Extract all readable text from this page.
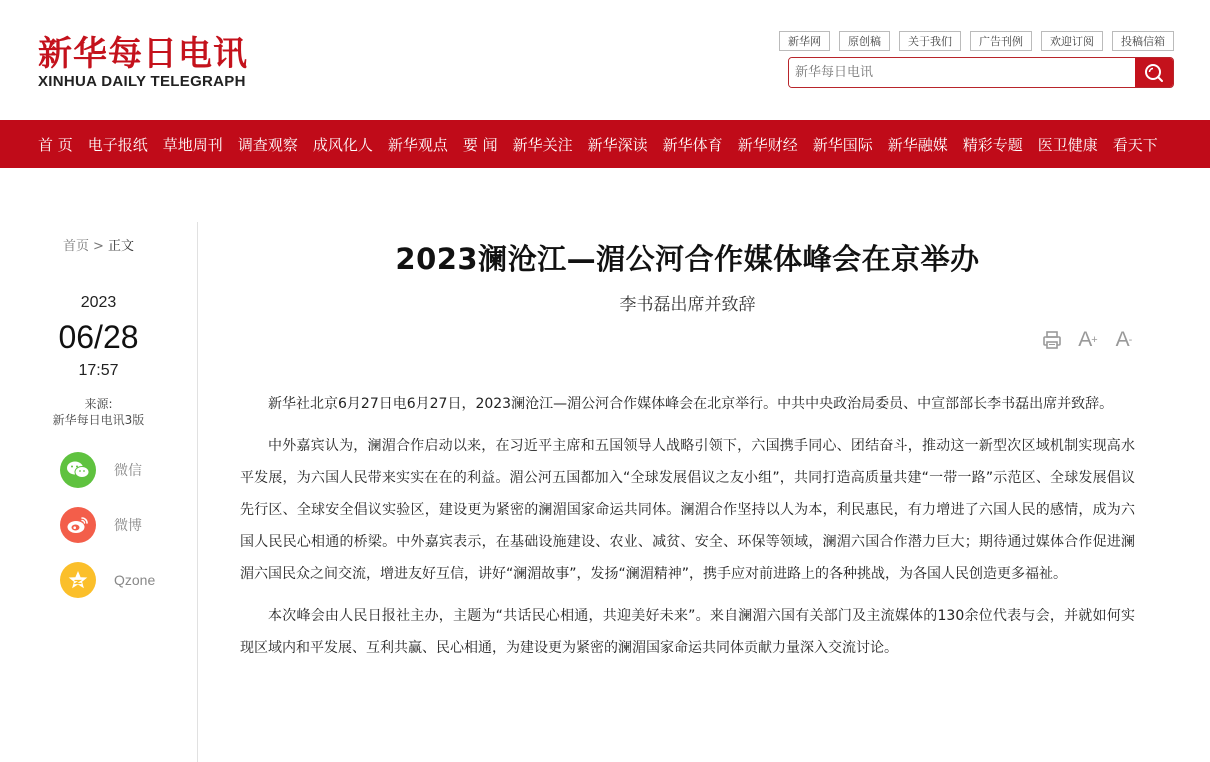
新华每日电讯
XINHUA DAILY TELEGRAPH
新华网	原创稿	关于我们	广告刊例	欢迎订阅	投稿信箱
新华每日电讯
首 页 电子报纸 草地周刊 调查观察 成风化人 新华观点 要 闻 新华关注 新华深读 新华体育 新华财经 新华国际 新华融媒 精彩专题 医卫健康 看天下
首页 > 正文
2023
06/28
17:57
来源:
新华每日电讯3版
微信
微博
Qzone
2023澜沧江—湄公河合作媒体峰会在京举办
李书磊出席并致辞
A + A -

新华社北京6月27日电6月27日，2023澜沧江—湄公河合作媒体峰会在北京举行。中共中央政治局委员、中宣部部长李书磊出席并致辞。

中外嘉宾认为，澜湄合作启动以来，在习近平主席和五国领导人战略引领下，六国携手同心、团结奋斗，推动这一新型次区域机制实现高水平发展，为六国人民带来实实在在的利益。湄公河五国都加入“全球发展倡议之友小组”，共同打造高质量共建“一带一路”示范区、全球发展倡议先行区、全球安全倡议实验区，建设更为紧密的澜湄国家命运共同体。澜湄合作坚持以人为本，利民惠民，有力增进了六国人民的感情，成为六国人民民心相通的桥梁。中外嘉宾表示，在基础设施建设、农业、减贫、安全、环保等领域，澜湄六国合作潜力巨大；期待通过媒体合作促进澜湄六国民众之间交流，增进友好互信，讲好“澜湄故事”，发扬“澜湄精神”，携手应对前进路上的各种挑战，为各国人民创造更多福祉。

本次峰会由人民日报社主办，主题为“共话民心相通，共迎美好未来”。来自澜湄六国有关部门及主流媒体的130余位代表与会，并就如何实现区域内和平发展、互利共赢、民心相通，为建设更为紧密的澜湄国家命运共同体贡献力量深入交流讨论。
